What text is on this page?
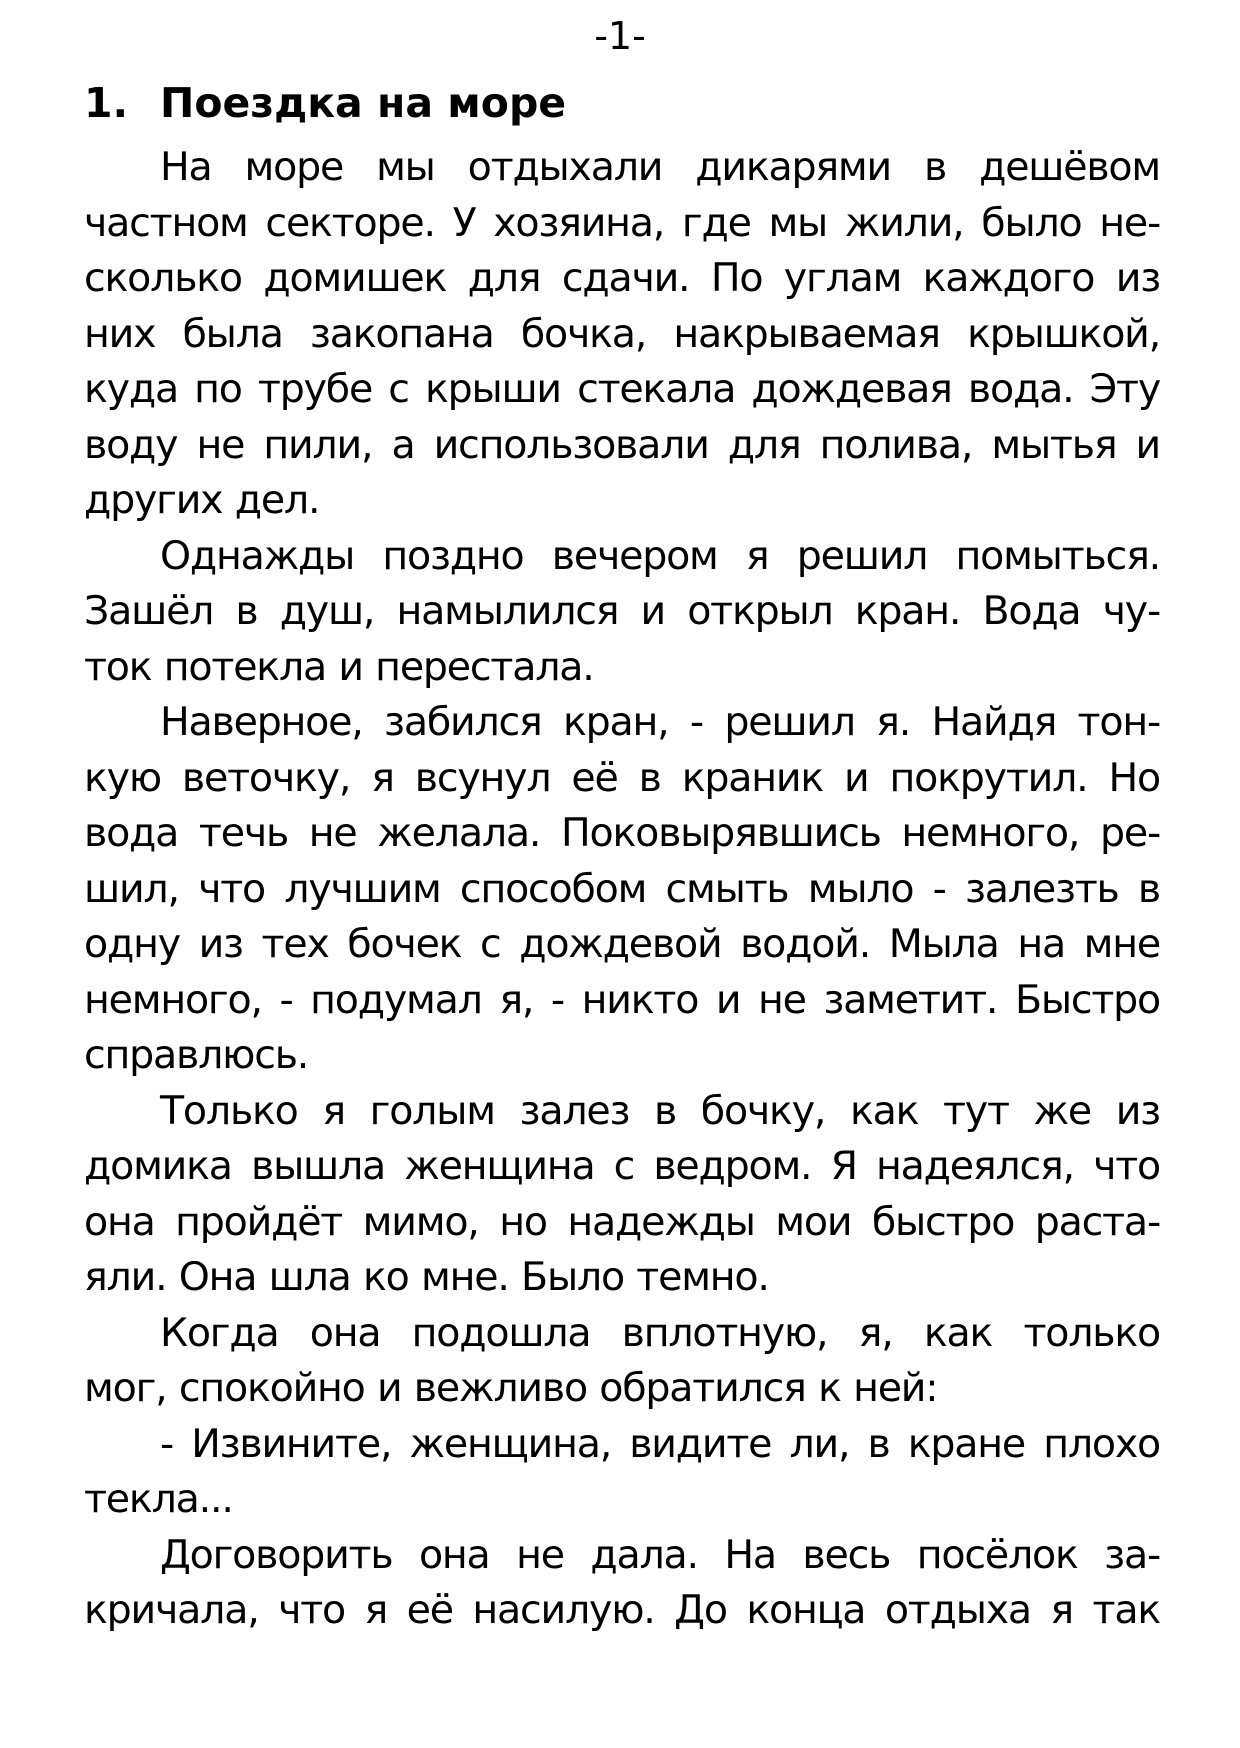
-1-
1. Поездка на море
На море мы отдыхали дикарями в дешёвом
частном секторе. У хозяина, где мы жили, было не-
сколько домишек для сдачи. По углам каждого из
них была закопана бочка, накрываемая крышкой,
куда по трубе с крыши стекала дождевая вода. Эту
воду не пили, а использовали для полива, мытья и
других дел.
Однажды поздно вечером я решил помыться.
Зашёл в душ, намылился и открыл кран. Вода чу-
ток потекла и перестала.
Наверное, забился кран, - решил я. Найдя тон-
кую веточку, я всунул её в краник и покрутил. Но
вода течь не желала. Поковырявшись немного, ре-
шил, что лучшим способом смыть мыло - залезть в
одну из тех бочек с дождевой водой. Мыла на мне
немного, - подумал я, - никто и не заметит. Быстро
справлюсь.
Только я голым залез в бочку, как тут же из
домика вышла женщина с ведром. Я надеялся, что
она пройдёт мимо, но надежды мои быстро раста-
яли. Она шла ко мне. Было темно.
Когда она подошла вплотную, я, как только
мог, спокойно и вежливо обратился к ней:
- Извините, женщина, видите ли, в кране плохо
текла...
Договорить она не дала. На весь посёлок за-
кричала, что я её насилую. До конца отдыха я так
